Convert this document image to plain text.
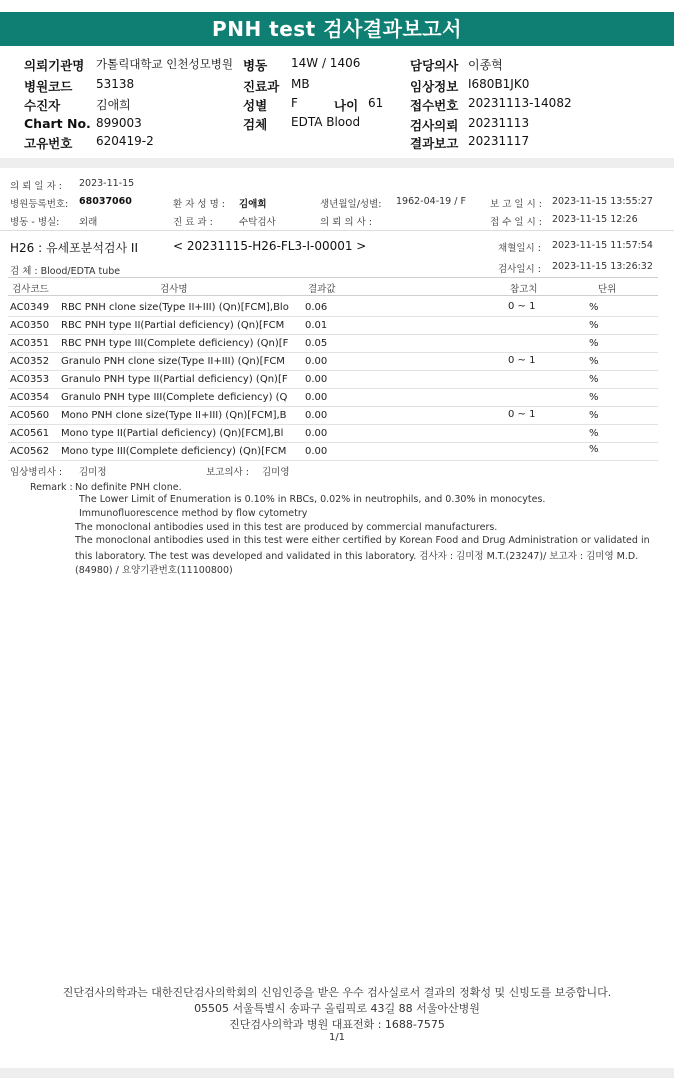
PNH test 검사결과보고서
의뢰기관명 가톨릭대학교 인천성모병원 병동 14W / 1406	담당의사 이종혁
병원코드 53138	진료과 MB	임상정보 I680B1JK0
수진자	김애희	성별 F	나이 61 접수번호 20231113-14082
Chart No. 899003	검체 EDTA Blood	검사의뢰 20231113
고유번호 620419-2	결과보고 20231117
의 뢰 일 자 : 2023-11-15
병원등록번호: 68037060	환 자 성 명 : 김애희	생년월일/성별: 1962-04-19 / F	보 고 일 시 : 2023-11-15 13:55:27
병동 - 병실: 외래	진 료 과 :	수탁검사	의 뢰 의 사 :	접 수 일 시 : 2023-11-15 12:26
H26 : 유세포분석검사 II	< 20231115-H26-FL3-I-00001 >	채혈일시 : 2023-11-15 11:57:54
검 체 : Blood/EDTA tube	검사일시 : 2023-11-15 13:26:32
검사코드	검사명	결과값	참고치	단위
AC0349 RBC PNH clone size(Type II+III) (Qn)[FCM],Blo 0.06	0 ~ 1	%
AC0350 RBC PNH type II(Partial deficiency) (Qn)[FCM 0.01	%
AC0351 RBC PNH type III(Complete deficiency) (Qn)[F 0.05	%
AC0352 Granulo PNH clone size(Type II+III) (Qn)[FCM 0.00	0 ~ 1	%
AC0353 Granulo PNH type II(Partial deficiency) (Qn)[F 0.00	%
AC0354 Granulo PNH type III(Complete deficiency) (Q 0.00	%
AC0560 Mono PNH clone size(Type II+III) (Qn)[FCM],B 0.00	0 ~ 1	%
AC0561 Mono type II(Partial deficiency) (Qn)[FCM],Bl 0.00	%
AC0562 Mono type III(Complete deficiency) (Qn)[FCM 0.00	%
임상병리사 : 김미정	보고의사 : 김미영
Remark : No definite PNH clone.
The Lower Limit of Enumeration is 0.10% in RBCs, 0.02% in neutrophils, and 0.30% in monocytes.
Immunofluorescence method by flow cytometry
The monoclonal antibodies used in this test are produced by commercial manufacturers.
The monoclonal antibodies used in this test were either certified by Korean Food and Drug Administration or validated in
this laboratory. The test was developed and validated in this laboratory. 검사자 : 김미정 M.T.(23247)/ 보고자 : 김미영 M.D.
(84980) / 요양기관번호(11100800)
진단검사의학과는 대한진단검사의학회의 신임인증을 받은 우수 검사실로서 결과의 정확성 및 신빙도를 보증합니다.
05505 서울특별시 송파구 올림픽로 43길 88 서울아산병원
진단검사의학과 병원 대표전화 : 1688-7575
1/1
